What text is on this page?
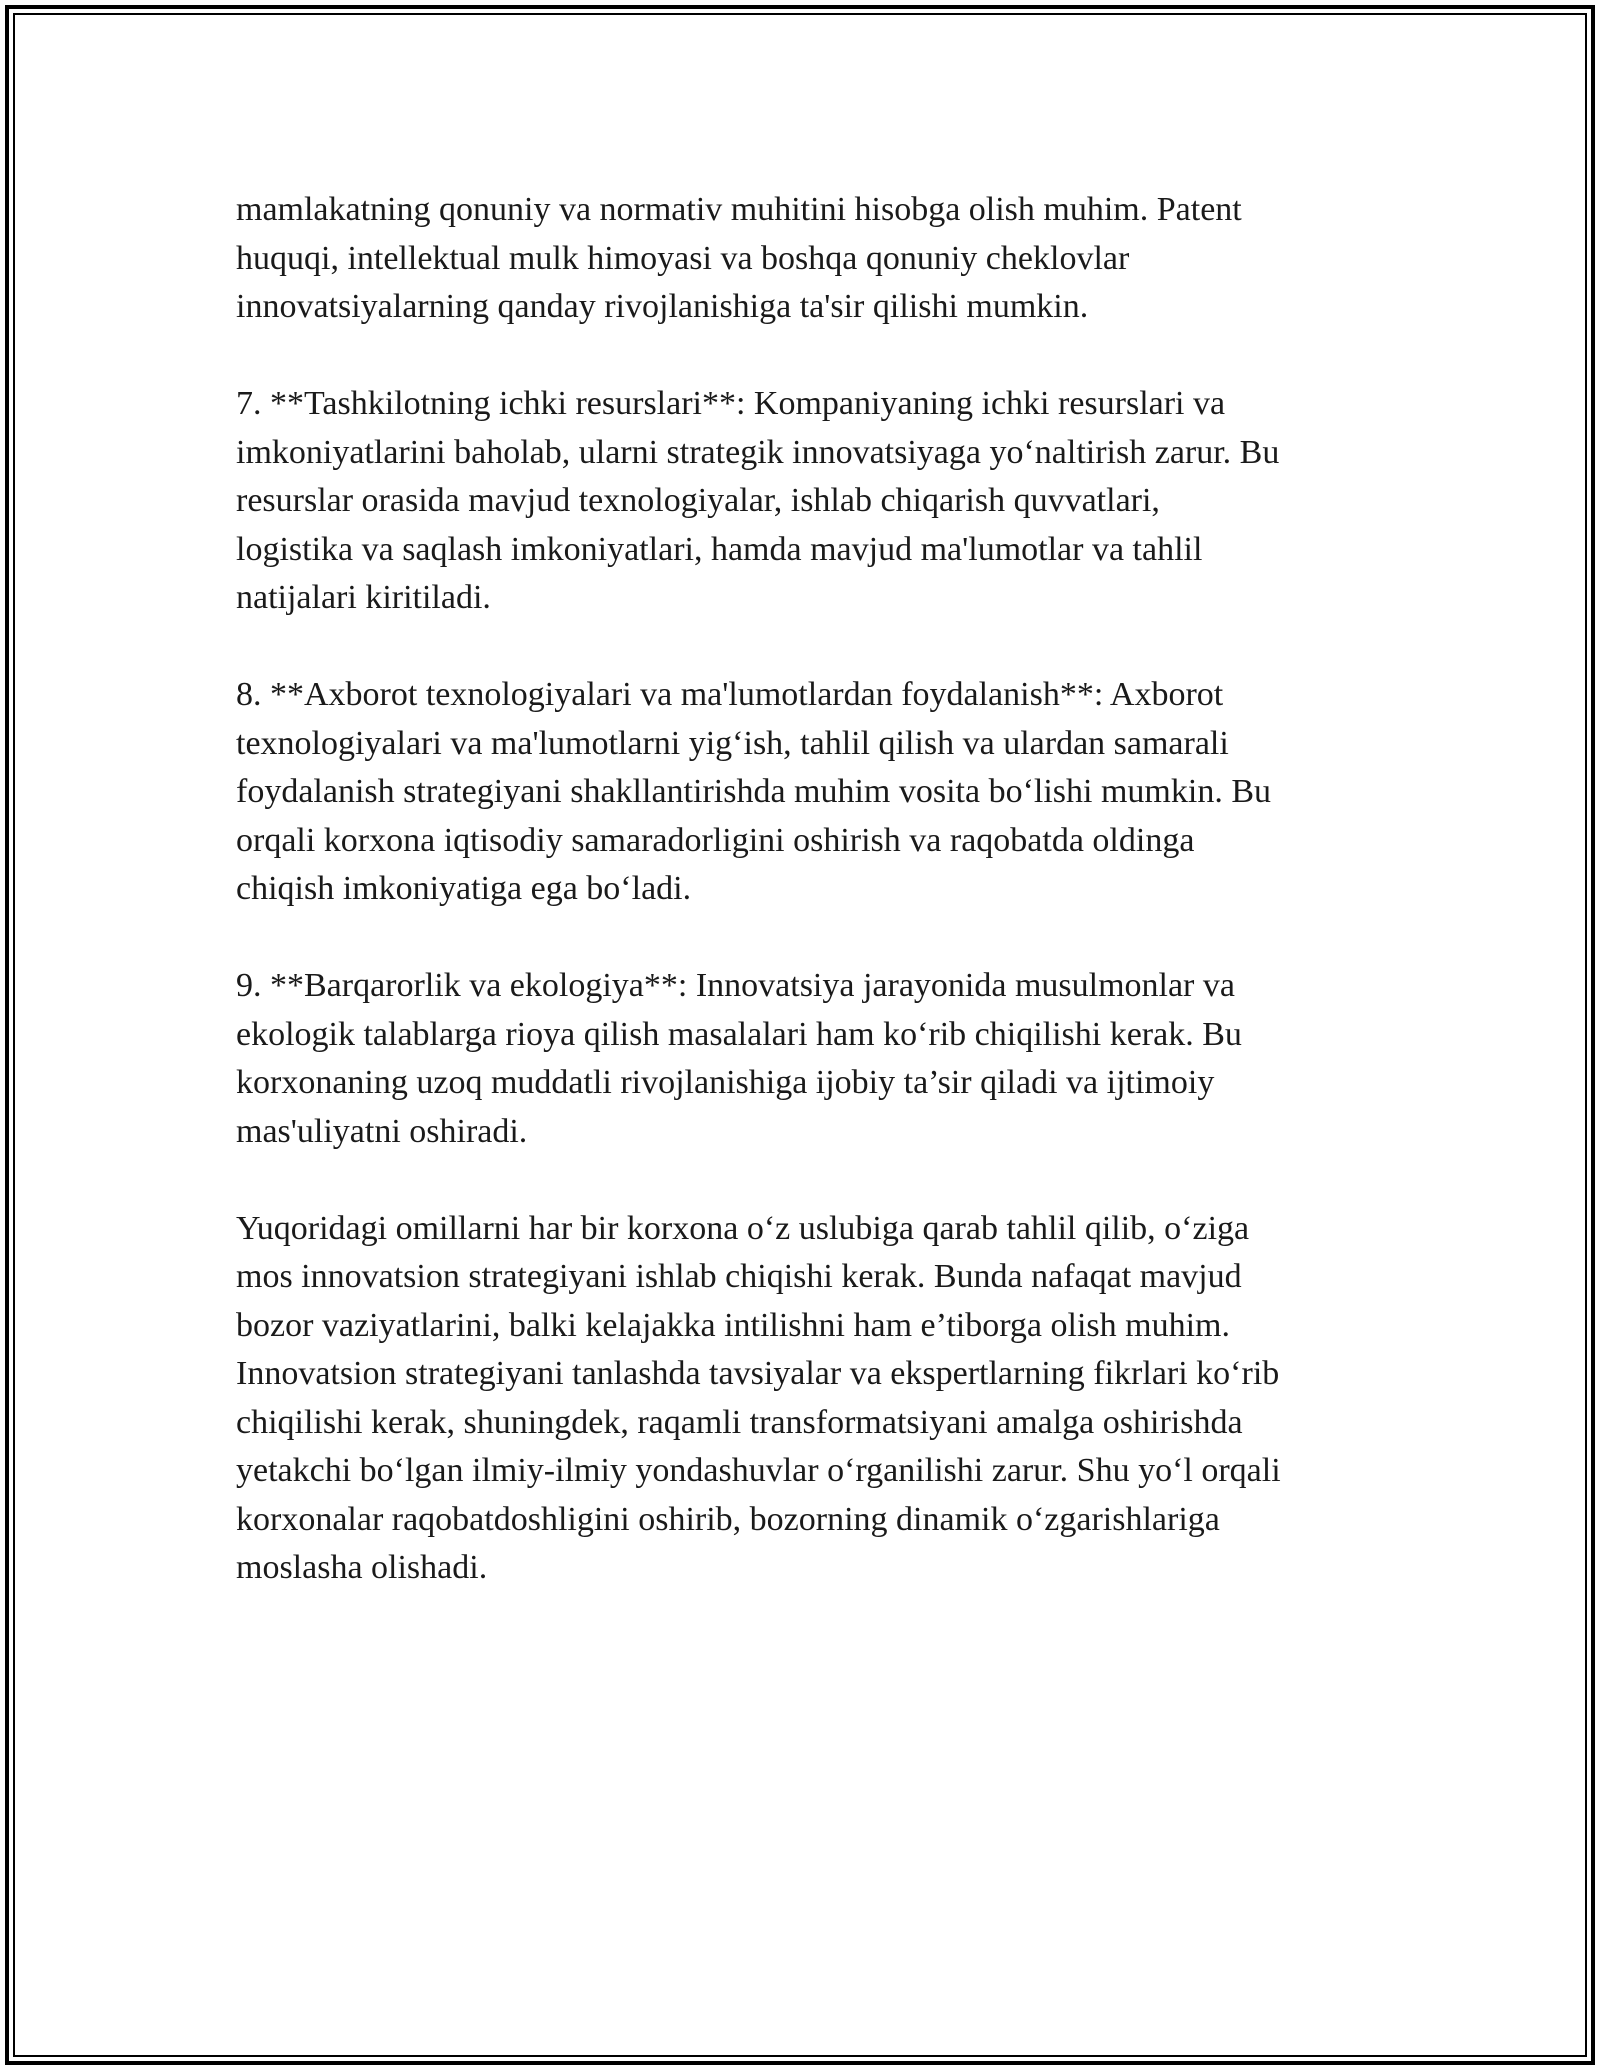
mamlakatning qonuniy va normativ muhitini hisobga olish muhim. Patent
huquqi, intellektual mulk himoyasi va boshqa qonuniy cheklovlar
innovatsiyalarning qanday rivojlanishiga ta'sir qilishi mumkin.

7. **Tashkilotning ichki resurslari**: Kompaniyaning ichki resurslari va
imkoniyatlarini baholab, ularni strategik innovatsiyaga yo‘naltirish zarur. Bu
resurslar orasida mavjud texnologiyalar, ishlab chiqarish quvvatlari,
logistika va saqlash imkoniyatlari, hamda mavjud ma'lumotlar va tahlil
natijalari kiritiladi.

8. **Axborot texnologiyalari va ma'lumotlardan foydalanish**: Axborot
texnologiyalari va ma'lumotlarni yig‘ish, tahlil qilish va ulardan samarali
foydalanish strategiyani shakllantirishda muhim vosita bo‘lishi mumkin. Bu
orqali korxona iqtisodiy samaradorligini oshirish va raqobatda oldinga
chiqish imkoniyatiga ega bo‘ladi.

9. **Barqarorlik va ekologiya**: Innovatsiya jarayonida musulmonlar va
ekologik talablarga rioya qilish masalalari ham ko‘rib chiqilishi kerak. Bu
korxonaning uzoq muddatli rivojlanishiga ijobiy ta’sir qiladi va ijtimoiy
mas'uliyatni oshiradi.

Yuqoridagi omillarni har bir korxona o‘z uslubiga qarab tahlil qilib, o‘ziga
mos innovatsion strategiyani ishlab chiqishi kerak. Bunda nafaqat mavjud
bozor vaziyatlarini, balki kelajakka intilishni ham e’tiborga olish muhim.
Innovatsion strategiyani tanlashda tavsiyalar va ekspertlarning fikrlari ko‘rib
chiqilishi kerak, shuningdek, raqamli transformatsiyani amalga oshirishda
yetakchi bo‘lgan ilmiy-ilmiy yondashuvlar o‘rganilishi zarur. Shu yo‘l orqali
korxonalar raqobatdoshligini oshirib, bozorning dinamik o‘zgarishlariga
moslasha olishadi.
